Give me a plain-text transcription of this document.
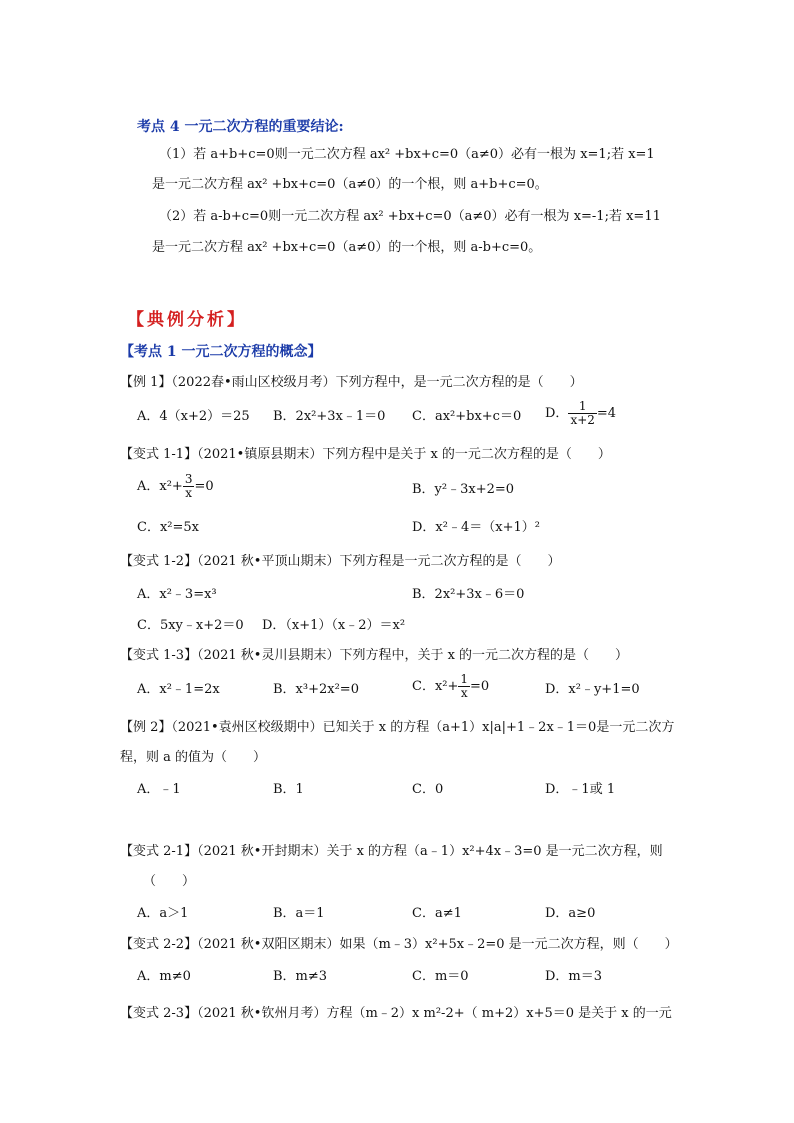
考点 4 一元二次方程的重要结论:
（1）若 a+b+c=0则一元二次方程 ax² +bx+c=0（a≠0）必有一根为 x=1;若 x=1
是一元二次方程 ax² +bx+c=0（a≠0）的一个根，则 a+b+c=0。
（2）若 a-b+c=0则一元二次方程 ax² +bx+c=0（a≠0）必有一根为 x=-1;若 x=11
是一元二次方程 ax² +bx+c=0（a≠0）的一个根，则 a-b+c=0。
【典例分析】
【考点 1 一元二次方程的概念】
【例 1】（2022春•雨山区校级月考）下列方程中，是一元二次方程的是（　　）
A．4（x+2）＝25 B．2x²+3x﹣1＝0 C．ax²+bx+c＝0 D． $\frac{1}{x+2} =4$
【变式 1-1】（2021•镇原县期末）下列方程中是关于 x 的一元二次方程的是（　　）
A．$x^2+ \frac{3}{x} =0$	B．y²﹣3x+2=0
C．x²=5x	D．x²﹣4＝（x+1）²
【变式 1-2】（2021 秋•平顶山期末）下列方程是一元二次方程的是（　　）
A．x²﹣3=x³	B．2x²+3x﹣6＝0
C．5xy﹣x+2＝0 D．（x+1）（x﹣2）＝x²
【变式 1-3】（2021 秋•灵川县期末）下列方程中，关于 x 的一元二次方程的是（　　）
A．x²﹣1=2x	B．x³+2x²=0	C．$x^2+ \frac{1}{x} =0$	D．x²﹣y+1=0
【例 2】（2021•袁州区校级期中）已知关于 x 的方程（a+1）x|a|+1﹣2x﹣1＝0是一元二次方
程，则 a 的值为（　　）
A．﹣1	B．1	C．0	D．﹣1或 1
【变式 2-1】（2021 秋•开封期末）关于 x 的方程（a﹣1）x²+4x﹣3=0 是一元二次方程，则
（　　）
A．a＞1	B．a＝1	C．a≠1	D．a≥0
【变式 2-2】（2021 秋•双阳区期末）如果（m﹣3）x²+5x﹣2=0 是一元二次方程，则（　　）
A．m≠0	B．m≠3	C．m＝0	D．m＝3
【变式 2-3】（2021 秋•钦州月考）方程（m﹣2）x m²-2+（ m+2）x+5＝0 是关于 x 的一元
